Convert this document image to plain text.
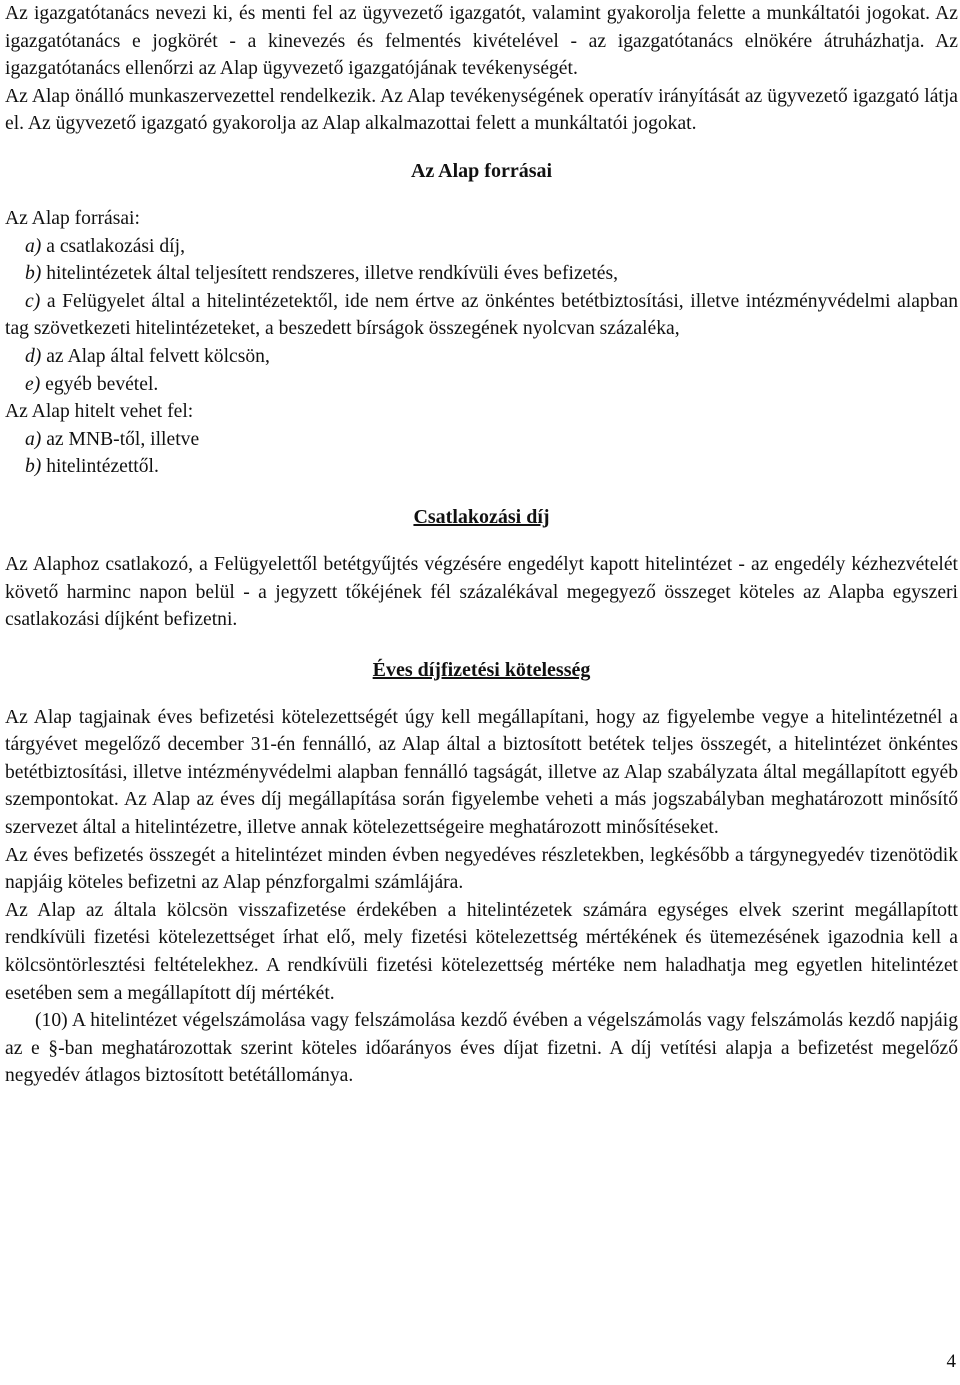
Az igazgatótanács nevezi ki, és menti fel az ügyvezető igazgatót, valamint gyakorolja felette a munkáltatói jogokat. Az igazgatótanács e jogkörét - a kinevezés és felmentés kivételével - az igazgatótanács elnökére átruházhatja. Az igazgatótanács ellenőrzi az Alap ügyvezető igazgatójának tevékenységét.

Az Alap önálló munkaszervezettel rendelkezik. Az Alap tevékenységének operatív irányítását az ügyvezető igazgató látja el. Az ügyvezető igazgató gyakorolja az Alap alkalmazottai felett a munkáltatói jogokat.

Az Alap forrásai

Az Alap forrásai:

a) a csatlakozási díj,

b) hitelintézetek által teljesített rendszeres, illetve rendkívüli éves befizetés,

c) a Felügyelet által a hitelintézetektől, ide nem értve az önkéntes betétbiztosítási, illetve intézményvédelmi alapban tag szövetkezeti hitelintézeteket, a beszedett bírságok összegének nyolcvan százaléka,

d) az Alap által felvett kölcsön,

e) egyéb bevétel.

Az Alap hitelt vehet fel:

a) az MNB-től, illetve

b) hitelintézettől.

Csatlakozási díj

Az Alaphoz csatlakozó, a Felügyelettől betétgyűjtés végzésére engedélyt kapott hitelintézet - az engedély kézhezvételét követő harminc napon belül - a jegyzett tőkéjének fél százalékával megegyező összeget köteles az Alapba egyszeri csatlakozási díjként befizetni.

Éves díjfizetési kötelesség

Az Alap tagjainak éves befizetési kötelezettségét úgy kell megállapítani, hogy az figyelembe vegye a hitelintézetnél a tárgyévet megelőző december 31-én fennálló, az Alap által a biztosított betétek teljes összegét, a hitelintézet önkéntes betétbiztosítási, illetve intézményvédelmi alapban fennálló tagságát, illetve az Alap szabályzata által megállapított egyéb szempontokat. Az Alap az éves díj megállapítása során figyelembe veheti a más jogszabályban meghatározott minősítő szervezet által a hitelintézetre, illetve annak kötelezettségeire meghatározott minősítéseket.

Az éves befizetés összegét a hitelintézet minden évben negyedéves részletekben, legkésőbb a tárgynegyedév tizenötödik napjáig köteles befizetni az Alap pénzforgalmi számlájára.

Az Alap az általa kölcsön visszafizetése érdekében a hitelintézetek számára egységes elvek szerint megállapított rendkívüli fizetési kötelezettséget írhat elő, mely fizetési kötelezettség mértékének és ütemezésének igazodnia kell a kölcsöntörlesztési feltételekhez. A rendkívüli fizetési kötelezettség mértéke nem haladhatja meg egyetlen hitelintézet esetében sem a megállapított díj mértékét.

(10) A hitelintézet végelszámolása vagy felszámolása kezdő évében a végelszámolás vagy felszámolás kezdő napjáig az e §-ban meghatározottak szerint köteles időarányos éves díjat fizetni. A díj vetítési alapja a befizetést megelőző negyedév átlagos biztosított betétállománya.

4
